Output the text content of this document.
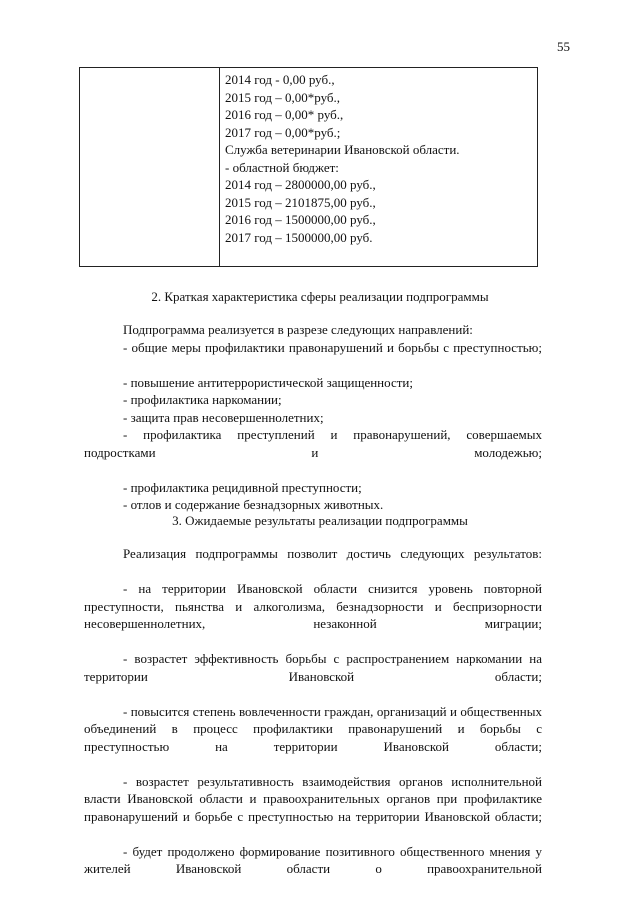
55

2014 год - 0,00 руб.,
2015 год – 0,00*руб.,
2016 год – 0,00* руб.,
2017 год – 0,00*руб.;
Служба ветеринарии Ивановской области.
- областной бюджет:
2014 год – 2800000,00 руб.,
2015 год – 2101875,00 руб.,
2016 год – 1500000,00 руб.,
2017 год – 1500000,00 руб.
2. Краткая характеристика сферы реализации подпрограммы

Подпрограмма реализуется в разрезе следующих направлений:

- общие меры профилактики правонарушений и борьбы с преступностью;

- повышение антитеррористической защищенности;

- профилактика наркомании;

- защита прав несовершеннолетних;

- профилактика преступлений и правонарушений, совершаемых подростками и молодежью;

- профилактика рецидивной преступности;

- отлов и содержание безнадзорных животных.

3. Ожидаемые результаты реализации подпрограммы

Реализация подпрограммы позволит достичь следующих результатов:

- на территории Ивановской области снизится уровень повторной преступности, пьянства и алкоголизма, безнадзорности и беспризорности несовершеннолетних, незаконной миграции;

- возрастет эффективность борьбы с распространением наркомании на территории Ивановской области;

- повысится степень вовлеченности граждан, организаций и общественных объединений в процесс профилактики правонарушений и борьбы с преступностью на территории Ивановской области;

- возрастет результативность взаимодействия органов исполнительной власти Ивановской области и правоохранительных органов при профилактике правонарушений и борьбе с преступностью на территории Ивановской области;

- будет продолжено формирование позитивного общественного мнения у жителей Ивановской области о правоохранительной
